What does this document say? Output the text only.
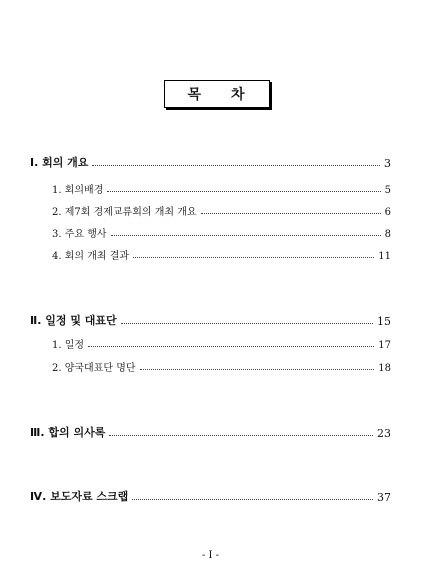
목 차
Ⅰ. 회의 개요	3
1. 회의배경	5
2. 제7회 경제교류회의 개최 개요	6
3. 주요 행사	8
4. 회의 개최 결과	11
Ⅱ. 일정 및 대표단	15
1. 일정	17
2. 양국대표단 명단	18
Ⅲ. 합의 의사록	23
Ⅳ. 보도자료 스크랩	37
- I -
